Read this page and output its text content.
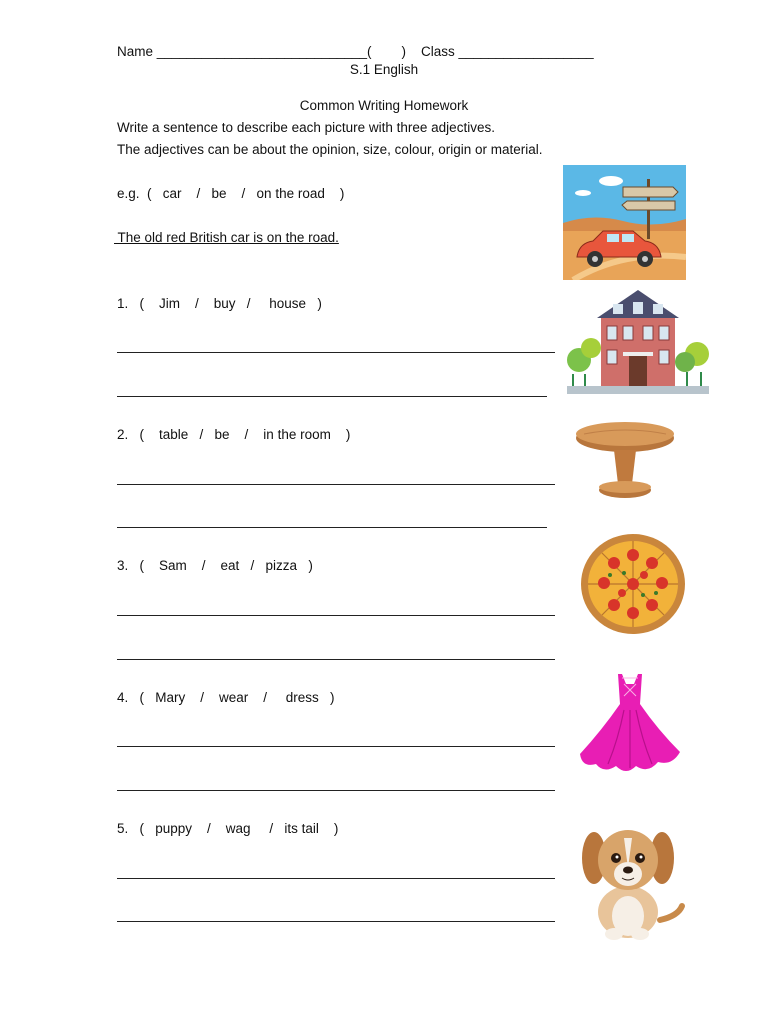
Name ____________________________(        )    Class __________________
S.1 English
Common Writing Homework
Write a sentence to describe each picture with three adjectives.
The adjectives can be about the opinion, size, colour, origin or material.
e.g.  (   car    /   be    /   on the road    )
The old red British car is on the road.
1.   (    Jim    /    buy   /     house   )
2.   (    table   /   be    /    in the room    )
3.   (    Sam    /    eat   /   pizza   )
4.   (   Mary    /    wear    /     dress   )
5.   (   puppy    /    wag     /   its tail    )
